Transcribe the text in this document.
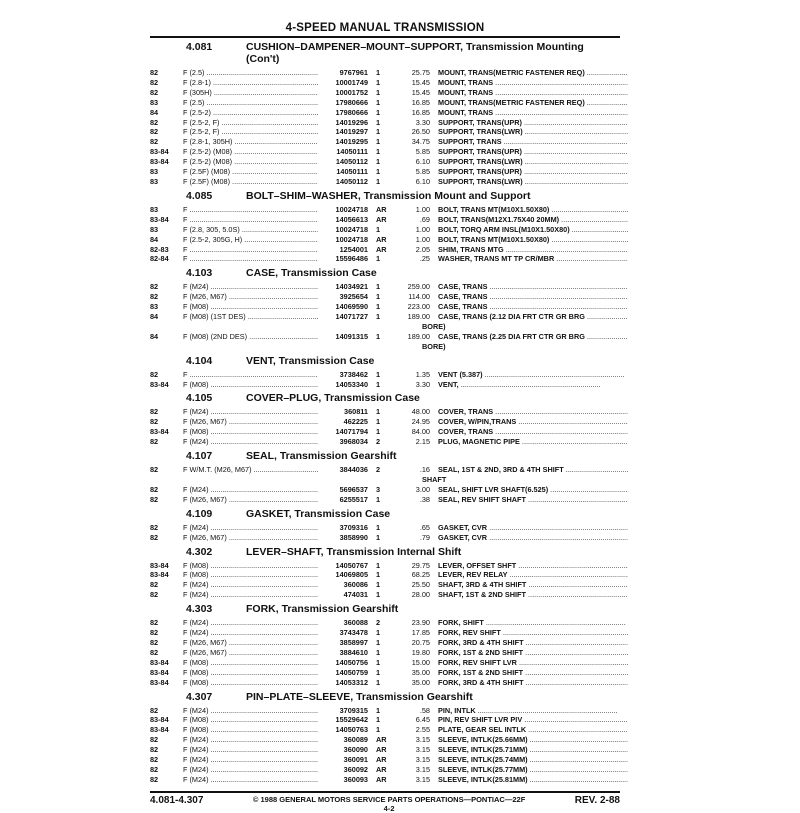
4-SPEED MANUAL TRANSMISSION
4.081	CUSHION–DAMPENER–MOUNT–SUPPORT, Transmission Mounting (Con't)
82	F (2.5) .....	9767961	1	25.75	MOUNT, TRANS(METRIC FASTENER REQ) .....
82	F (2.8-1) .....	10001749	1	15.45	MOUNT, TRANS .....
82	F (305H) .....	10001752	1	15.45	MOUNT, TRANS .....
83	F (2.5) .....	17980666	1	16.85	MOUNT, TRANS(METRIC FASTENER REQ) .....
84	F (2.5-2) .....	17980666	1	16.85	MOUNT, TRANS .....
82	F (2.5-2, F) .....	14019296	1	3.30	SUPPORT, TRANS(UPR) .....
82	F (2.5-2, F) .....	14019297	1	26.50	SUPPORT, TRANS(LWR) .....
82	F (2.8-1, 305H) .....	14019295	1	34.75	SUPPORT, TRANS .....
83-84	F (2.5-2) (M08) .....	14050111	1	5.85	SUPPORT, TRANS(UPR) .....
83-84	F (2.5-2) (M08) .....	14050112	1	6.10	SUPPORT, TRANS(LWR) .....
83	F (2.5F) (M08) .....	14050111	1	5.85	SUPPORT, TRANS(UPR) .....
83	F (2.5F) (M08) .....	14050112	1	6.10	SUPPORT, TRANS(LWR) .....
4.085	BOLT–SHIM–WASHER, Transmission Mount and Support
83	F .....	10024718	AR	1.00	BOLT, TRANS MT(M10X1.50X80) .....
83-84	F .....	14056613	AR	.69	BOLT, TRANS(M12X1.75X40 20MM) .....
83	F (2.8, 305, 5.0S) .....	10024718	1	1.00	BOLT, TORQ ARM INSL(M10X1.50X80) .....
84	F (2.5-2, 305G, H) .....	10024718	AR	1.00	BOLT, TRANS MT(M10X1.50X80) .....
82-83	F .....	1254001	AR	2.05	SHIM, TRANS MTG .....
82-84	F .....	15596486	1	.25	WASHER, TRANS MT TP CR/MBR .....
4.103	CASE, Transmission Case
82	F (M24) .....	14034921	1	259.00	CASE, TRANS .....
82	F (M26, M67) .....	3925654	1	114.00	CASE, TRANS .....
83	F (M08) .....	14069590	1	223.00	CASE, TRANS .....
84	F (M08) (1ST DES) .....	14071727	1	189.00	CASE, TRANS (2.12 DIA FRT CTR GR BRG .....
BORE)
84	F (M08) (2ND DES) .....	14091315	1	189.00	CASE, TRANS (2.25 DIA FRT CTR GR BRG .....
BORE)
4.104	VENT, Transmission Case
82	F .....	3738462	1	1.35	VENT (5.387) .....
83-84	F (M08) .....	14053340	1	3.30	VENT, .....
4.105	COVER–PLUG, Transmission Case
82	F (M24) .....	360811	1	48.00	COVER, TRANS .....
82	F (M26, M67) .....	462225	1	24.95	COVER, W/PIN,TRANS .....
83-84	F (M08) .....	14071794	1	84.00	COVER, TRANS .....
82	F (M24) .....	3968034	2	2.15	PLUG, MAGNETIC PIPE .....
4.107	SEAL, Transmission Gearshift
82	F W/M.T. (M26, M67) .....	3844036	2	.16	SEAL, 1ST & 2ND, 3RD & 4TH SHIFT .....
SHAFT
82	F (M24) .....	5696537	3	3.00	SEAL, SHIFT LVR SHAFT(6.525) .....
82	F (M26, M67) .....	6255517	1	.38	SEAL, REV SHIFT SHAFT .....
4.109	GASKET, Transmission Case
82	F (M24) .....	3709316	1	.65	GASKET, CVR .....
82	F (M26, M67) .....	3858990	1	.79	GASKET, CVR .....
4.302	LEVER–SHAFT, Transmission Internal Shift
83-84	F (M08) .....	14050767	1	29.75	LEVER, OFFSET SHFT .....
83-84	F (M08) .....	14069805	1	68.25	LEVER, REV RELAY .....
82	F (M24) .....	360086	1	25.50	SHAFT, 3RD & 4TH SHIFT .....
82	F (M24) .....	474031	1	28.00	SHAFT, 1ST & 2ND SHIFT .....
4.303	FORK, Transmission Gearshift
82	F (M24) .....	360088	2	23.90	FORK, SHIFT .....
82	F (M24) .....	3743478	1	17.85	FORK, REV SHIFT .....
82	F (M26, M67) .....	3858997	1	20.75	FORK, 3RD & 4TH SHIFT .....
82	F (M26, M67) .....	3884610	1	19.80	FORK, 1ST & 2ND SHIFT .....
83-84	F (M08) .....	14050756	1	15.00	FORK, REV SHIFT LVR .....
83-84	F (M08) .....	14050759	1	35.00	FORK, 1ST & 2ND SHIFT .....
83-84	F (M08) .....	14053312	1	35.00	FORK, 3RD & 4TH SHIFT .....
4.307	PIN–PLATE–SLEEVE, Transmission Gearshift
82	F (M24) .....	3709315	1	.58	PIN, INTLK .....
83-84	F (M08) .....	15529642	1	6.45	PIN, REV SHIFT LVR PIV .....
83-84	F (M08) .....	14050763	1	2.55	PLATE, GEAR SEL INTLK .....
82	F (M24) .....	360089	AR	3.15	SLEEVE, INTLK(25.66MM) .....
82	F (M24) .....	360090	AR	3.15	SLEEVE, INTLK(25.71MM) .....
82	F (M24) .....	360091	AR	3.15	SLEEVE, INTLK(25.74MM) .....
82	F (M24) .....	360092	AR	3.15	SLEEVE, INTLK(25.77MM) .....
82	F (M24) .....	360093	AR	3.15	SLEEVE, INTLK(25.81MM) .....
4.081-4.307	© 1988 GENERAL MOTORS SERVICE PARTS OPERATIONS—PONTIAC—22F
4-2
REV. 2-88
